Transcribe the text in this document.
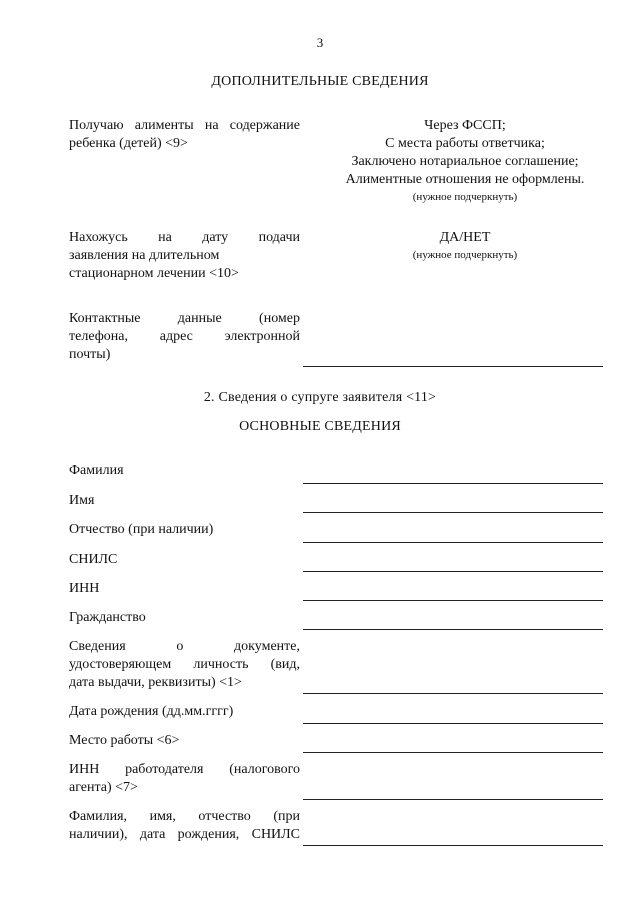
3
ДОПОЛНИТЕЛЬНЫЕ СВЕДЕНИЯ
Получаю алименты на содержание
ребенка (детей) <9>
Через ФССП;
С места работы ответчика;
Заключено нотариальное соглашение;
Алиментные отношения не оформлены.
(нужное подчеркнуть)
Нахожусь на дату подачи
заявления на длительном
стационарном лечении <10>
ДА/НЕТ
(нужное подчеркнуть)
Контактные данные (номер
телефона, адрес электронной
почты)
2. Сведения о супруге заявителя <11>
ОСНОВНЫЕ СВЕДЕНИЯ
Фамилия
Имя
Отчество (при наличии)
СНИЛС
ИНН
Гражданство
Сведения о документе,
удостоверяющем личность (вид,
дата выдачи, реквизиты) <1>
Дата рождения (дд.мм.гггг)
Место работы <6>
ИНН работодателя (налогового
агента) <7>
Фамилия, имя, отчество (при
наличии), дата рождения, СНИЛС
